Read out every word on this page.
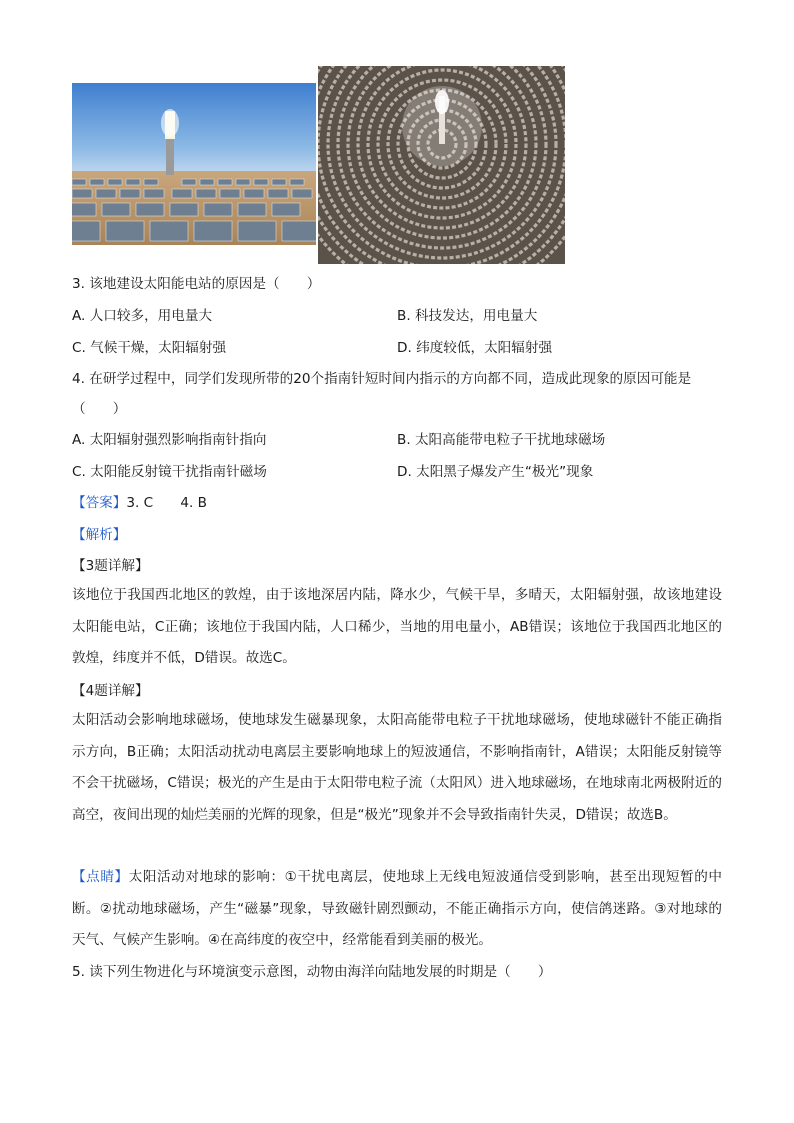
3. 该地建设太阳能电站的原因是（　　）
A. 人口较多，用电量大	B. 科技发达，用电量大
C. 气候干燥，太阳辐射强	D. 纬度较低，太阳辐射强
4. 在研学过程中，同学们发现所带的20个指南针短时间内指示的方向都不同，造成此现象的原因可能是
（　　）
A. 太阳辐射强烈影响指南针指向	B. 太阳高能带电粒子干扰地球磁场
C. 太阳能反射镜干扰指南针磁场	D. 太阳黑子爆发产生“极光”现象
【答案】3. C　　4. B
【解析】
【3题详解】
该地位于我国西北地区的敦煌，由于该地深居内陆，降水少，气候干旱，多晴天，太阳辐射强，故该地建设太阳能电站，C正确；该地位于我国内陆，人口稀少，当地的用电量小，AB错误；该地位于我国西北地区的敦煌，纬度并不低，D错误。故选C。
【4题详解】
太阳活动会影响地球磁场，使地球发生磁暴现象，太阳高能带电粒子干扰地球磁场，使地球磁针不能正确指示方向，B正确；太阳活动扰动电离层主要影响地球上的短波通信，不影响指南针，A错误；太阳能反射镜等不会干扰磁场，C错误；极光的产生是由于太阳带电粒子流（太阳风）进入地球磁场，在地球南北两极附近的高空，夜间出现的灿烂美丽的光辉的现象，但是“极光”现象并不会导致指南针失灵，D错误；故选B。
【点睛】太阳活动对地球的影响：①干扰电离层，使地球上无线电短波通信受到影响，甚至出现短暂的中断。②扰动地球磁场，产生“磁暴”现象，导致磁针剧烈颤动，不能正确指示方向，使信鸽迷路。③对地球的天气、气候产生影响。④在高纬度的夜空中，经常能看到美丽的极光。
5. 读下列生物进化与环境演变示意图，动物由海洋向陆地发展的时期是（　　）
